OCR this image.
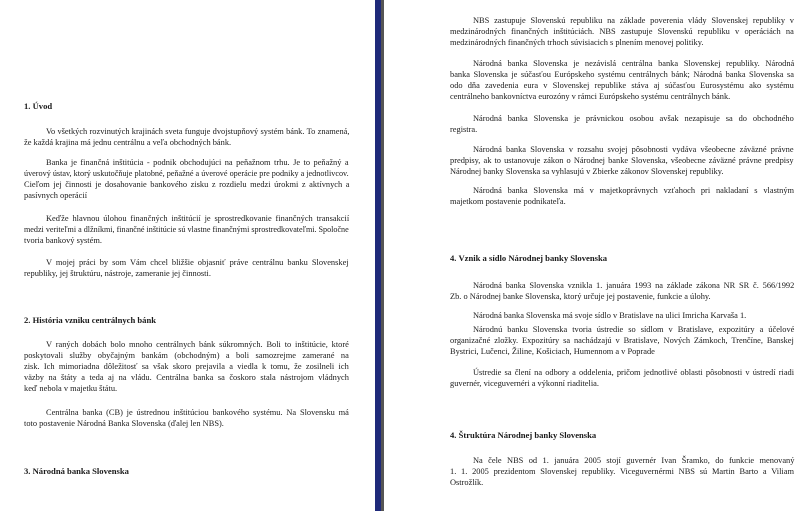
1. Úvod
Vo všetkých rozvinutých krajinách sveta funguje dvojstupňový systém bánk. To znamená,
že každá krajina má jednu centrálnu a veľa obchodných bánk.
Banka je finančná inštitúcia - podnik obchodujúci na peňažnom trhu. Je to peňažný a
úverový ústav, ktorý uskutočňuje platobné, peňažné a úverové operácie pre podniky a jednotlivcov.
Cieľom jej činnosti je dosahovanie bankového zisku z rozdielu medzi úrokmi z aktívnych a
pasívnych operácií
Keďže hlavnou úlohou finančných inštitúcií je sprostredkovanie finančných transakcií
medzi veriteľmi a dlžníkmi, finančné inštitúcie sú vlastne finančnými sprostredkovateľmi. Spoločne
tvoria bankový systém.
V mojej práci by som Vám chcel bližšie objasniť práve centrálnu banku Slovenskej
republiky, jej štruktúru, nástroje, zameranie jej činnosti.
2. História vzniku centrálnych bánk
V raných dobách bolo mnoho centrálnych bánk súkromných. Boli to inštitúcie, ktoré
poskytovali služby obyčajným bankám (obchodným) a boli samozrejme zamerané na
zisk. Ich mimoriadna dôležitosť sa však skoro prejavila a viedla k tomu, že zosilneli ich
väzby na štáty a teda aj na vládu. Centrálna banka sa čoskoro stala nástrojom vládnych
keď nebola v majetku štátu.
Centrálna banka (CB) je ústrednou inštitúciou bankového systému. Na Slovensku má
toto postavenie Národná Banka Slovenska (ďalej len NBS).
3. Národná banka Slovenska
NBS zastupuje Slovenskú republiku na základe poverenia vlády Slovenskej republiky v
medzinárodných finančných inštitúciách. NBS zastupuje Slovenskú republiku v operáciách na
medzinárodných finančných trhoch súvisiacich s plnením menovej politiky.
Národná banka Slovenska je nezávislá centrálna banka Slovenskej republiky. Národná
banka Slovenska je súčasťou Európskeho systému centrálnych bánk; Národná banka Slovenska sa
odo dňa zavedenia eura v Slovenskej republike stáva aj súčasťou Eurosystému ako systému
centrálneho bankovníctva eurozóny v rámci Európskeho systému centrálnych bánk.
Národná banka Slovenska je právnickou osobou avšak nezapisuje sa do obchodného
registra.
Národná banka Slovenska v rozsahu svojej pôsobnosti vydáva všeobecne záväzné právne
predpisy, ak to ustanovuje zákon o Národnej banke Slovenska, všeobecne záväzné právne predpisy
Národnej banky Slovenska sa vyhlasujú v Zbierke zákonov Slovenskej republiky.
Národná banka Slovenska má v majetkoprávnych vzťahoch pri nakladaní s vlastným
majetkom postavenie podnikateľa.
4. Vznik a sídlo Národnej banky Slovenska
Národná banka Slovenska vznikla 1. januára 1993 na základe zákona NR SR č. 566/1992
Zb. o Národnej banke Slovenska, ktorý určuje jej postavenie, funkcie a úlohy.
Národná banka Slovenska má svoje sídlo v Bratislave na ulici Imricha Karvaša 1.
Národnú banku Slovenska tvoria ústredie so sídlom v Bratislave, expozitúry a účelové
organizačné zložky. Expozitúry sa nachádzajú v Bratislave, Nových Zámkoch, Trenčíne, Banskej
Bystrici, Lučenci, Žiline, Košiciach, Humennom a v Poprade
Ústredie sa člení na odbory a oddelenia, pričom jednotlivé oblasti pôsobnosti v ústredí riadi
guvernér, viceguvernéri a výkonní riaditelia.
4. Štruktúra Národnej banky Slovenska
Na čele NBS od 1. januára 2005 stojí guvernér Ivan Šramko, do funkcie menovaný
1. 1. 2005 prezidentom Slovenskej republiky. Viceguvernérmi NBS sú Martin Barto a Viliam
Ostrožlík.
